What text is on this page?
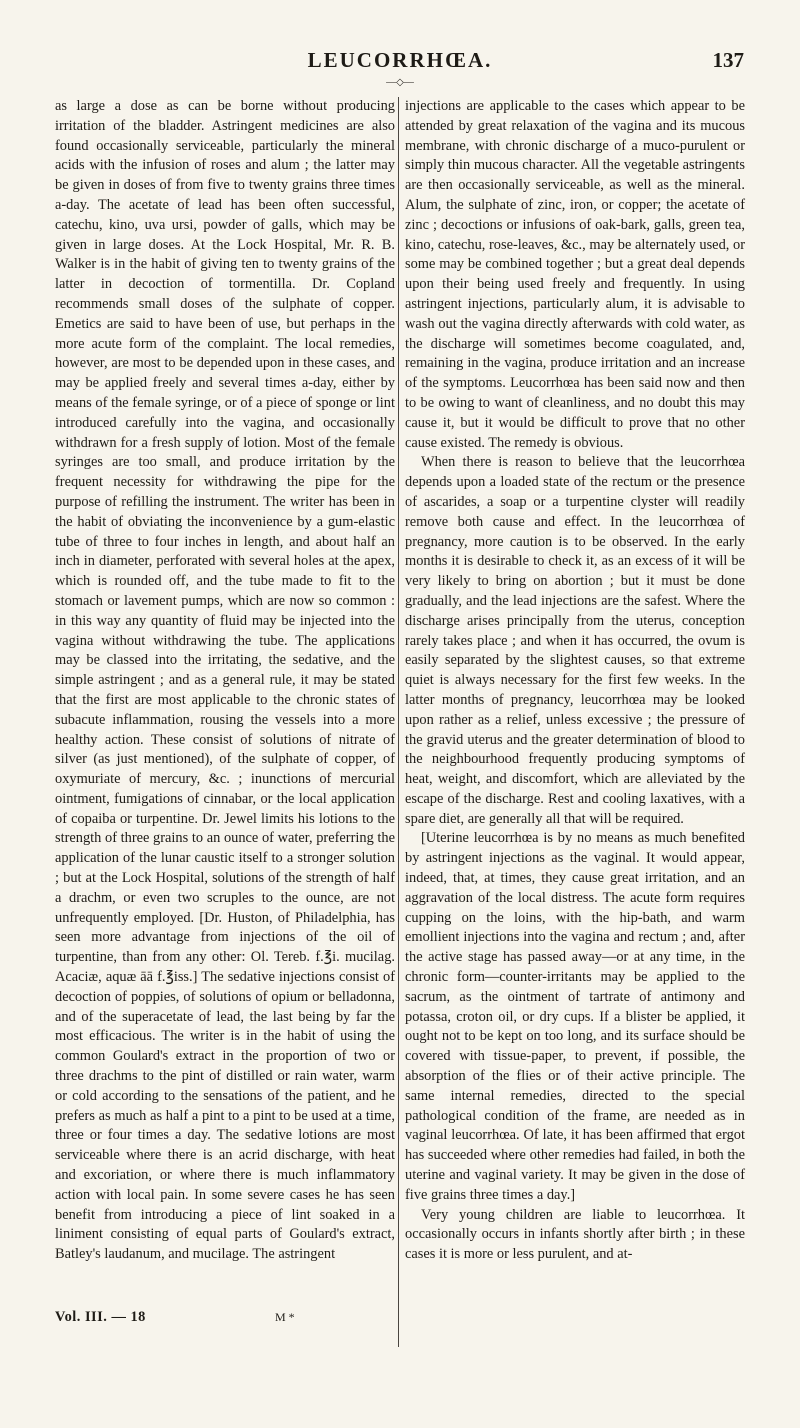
LEUCORRHŒA.	137
—◇—

as large a dose as can be borne without producing irritation of the bladder. Astringent medicines are also found occasionally serviceable, particularly the mineral acids with the infusion of roses and alum ; the latter may be given in doses of from five to twenty grains three times a-day. The acetate of lead has been often successful, catechu, kino, uva ursi, powder of galls, which may be given in large doses. At the Lock Hospital, Mr. R. B. Walker is in the habit of giving ten to twenty grains of the latter in decoction of tormentilla. Dr. Copland recommends small doses of the sulphate of copper. Emetics are said to have been of use, but perhaps in the more acute form of the complaint. The local remedies, however, are most to be depended upon in these cases, and may be applied freely and several times a-day, either by means of the female syringe, or of a piece of sponge or lint introduced carefully into the vagina, and occasionally withdrawn for a fresh supply of lotion. Most of the female syringes are too small, and produce irritation by the frequent necessity for withdrawing the pipe for the purpose of refilling the instrument. The writer has been in the habit of obviating the inconvenience by a gum-elastic tube of three to four inches in length, and about half an inch in diameter, perforated with several holes at the apex, which is rounded off, and the tube made to fit to the stomach or lavement pumps, which are now so common : in this way any quantity of fluid may be injected into the vagina without withdrawing the tube. The applications may be classed into the irritating, the sedative, and the simple astringent ; and as a general rule, it may be stated that the first are most applicable to the chronic states of subacute inflammation, rousing the vessels into a more healthy action. These consist of solutions of nitrate of silver (as just mentioned), of the sulphate of copper, of oxymuriate of mercury, &c. ; inunctions of mercurial ointment, fumigations of cinnabar, or the local application of copaiba or turpentine. Dr. Jewel limits his lotions to the strength of three grains to an ounce of water, preferring the application of the lunar caustic itself to a stronger solution ; but at the Lock Hospital, solutions of the strength of half a drachm, or even two scruples to the ounce, are not unfrequently employed. [Dr. Huston, of Philadelphia, has seen more advantage from injections of the oil of turpentine, than from any other: Ol. Tereb. f.℥i. mucilag. Acaciæ, aquæ āā f.℥iss.] The sedative injections consist of decoction of poppies, of solutions of opium or belladonna, and of the superacetate of lead, the last being by far the most efficacious. The writer is in the habit of using the common Goulard's extract in the proportion of two or three drachms to the pint of distilled or rain water, warm or cold according to the sensations of the patient, and he prefers as much as half a pint to a pint to be used at a time, three or four times a day. The sedative lotions are most serviceable where there is an acrid discharge, with heat and excoriation, or where there is much inflammatory action with local pain. In some severe cases he has seen benefit from introducing a piece of lint soaked in a liniment consisting of equal parts of Goulard's extract, Batley's laudanum, and mucilage. The astringent

injections are applicable to the cases which appear to be attended by great relaxation of the vagina and its mucous membrane, with chronic discharge of a muco-purulent or simply thin mucous character. All the vegetable astringents are then occasionally serviceable, as well as the mineral. Alum, the sulphate of zinc, iron, or copper; the acetate of zinc ; decoctions or infusions of oak-bark, galls, green tea, kino, catechu, rose-leaves, &c., may be alternately used, or some may be combined together ; but a great deal depends upon their being used freely and frequently. In using astringent injections, particularly alum, it is advisable to wash out the vagina directly afterwards with cold water, as the discharge will sometimes become coagulated, and, remaining in the vagina, produce irritation and an increase of the symptoms. Leucorrhœa has been said now and then to be owing to want of cleanliness, and no doubt this may cause it, but it would be difficult to prove that no other cause existed. The remedy is obvious.

When there is reason to believe that the leucorrhœa depends upon a loaded state of the rectum or the presence of ascarides, a soap or a turpentine clyster will readily remove both cause and effect. In the leucorrhœa of pregnancy, more caution is to be observed. In the early months it is desirable to check it, as an excess of it will be very likely to bring on abortion ; but it must be done gradually, and the lead injections are the safest. Where the discharge arises principally from the uterus, conception rarely takes place ; and when it has occurred, the ovum is easily separated by the slightest causes, so that extreme quiet is always necessary for the first few weeks. In the latter months of pregnancy, leucorrhœa may be looked upon rather as a relief, unless excessive ; the pressure of the gravid uterus and the greater determination of blood to the neighbourhood frequently producing symptoms of heat, weight, and discomfort, which are alleviated by the escape of the discharge. Rest and cooling laxatives, with a spare diet, are generally all that will be required.

[Uterine leucorrhœa is by no means as much benefited by astringent injections as the vaginal. It would appear, indeed, that, at times, they cause great irritation, and an aggravation of the local distress. The acute form requires cupping on the loins, with the hip-bath, and warm emollient injections into the vagina and rectum ; and, after the active stage has passed away—or at any time, in the chronic form—counter-irritants may be applied to the sacrum, as the ointment of tartrate of antimony and potassa, croton oil, or dry cups. If a blister be applied, it ought not to be kept on too long, and its surface should be covered with tissue-paper, to prevent, if possible, the absorption of the flies or of their active principle. The same internal remedies, directed to the special pathological condition of the frame, are needed as in vaginal leucorrhœa. Of late, it has been affirmed that ergot has succeeded where other remedies had failed, in both the uterine and vaginal variety. It may be given in the dose of five grains three times a day.]

Very young children are liable to leucorrhœa. It occasionally occurs in infants shortly after birth ; in these cases it is more or less purulent, and at-

Vol. III. — 18	M *
